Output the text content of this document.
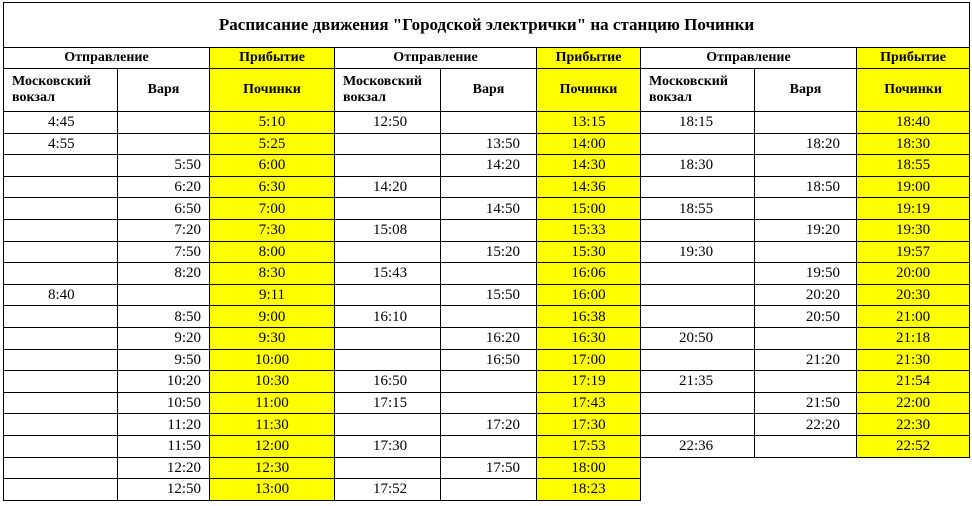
Расписание движения "Городской электрички" на станцию Починки								
Отправление		Прибытие	Отправление		Прибытие	Отправление		Прибытие
Московский вокзал	Варя	Починки	Московский вокзал	Варя	Починки	Московский вокзал	Варя	Починки
4:45		5:10	12:50		13:15	18:15		18:40
4:55		5:25		13:50	14:00		18:20	18:30
	5:50	6:00		14:20	14:30	18:30		18:55
	6:20	6:30	14:20		14:36		18:50	19:00
	6:50	7:00		14:50	15:00	18:55		19:19
	7:20	7:30	15:08		15:33		19:20	19:30
	7:50	8:00		15:20	15:30	19:30		19:57
	8:20	8:30	15:43		16:06		19:50	20:00
8:40		9:11		15:50	16:00		20:20	20:30
	8:50	9:00	16:10		16:38		20:50	21:00
	9:20	9:30		16:20	16:30	20:50		21:18
	9:50	10:00		16:50	17:00		21:20	21:30
	10:20	10:30	16:50		17:19	21:35		21:54
	10:50	11:00	17:15		17:43		21:50	22:00
	11:20	11:30		17:20	17:30		22:20	22:30
	11:50	12:00	17:30		17:53	22:36		22:52
	12:20	12:30		17:50	18:00			
	12:50	13:00	17:52		18:23			
